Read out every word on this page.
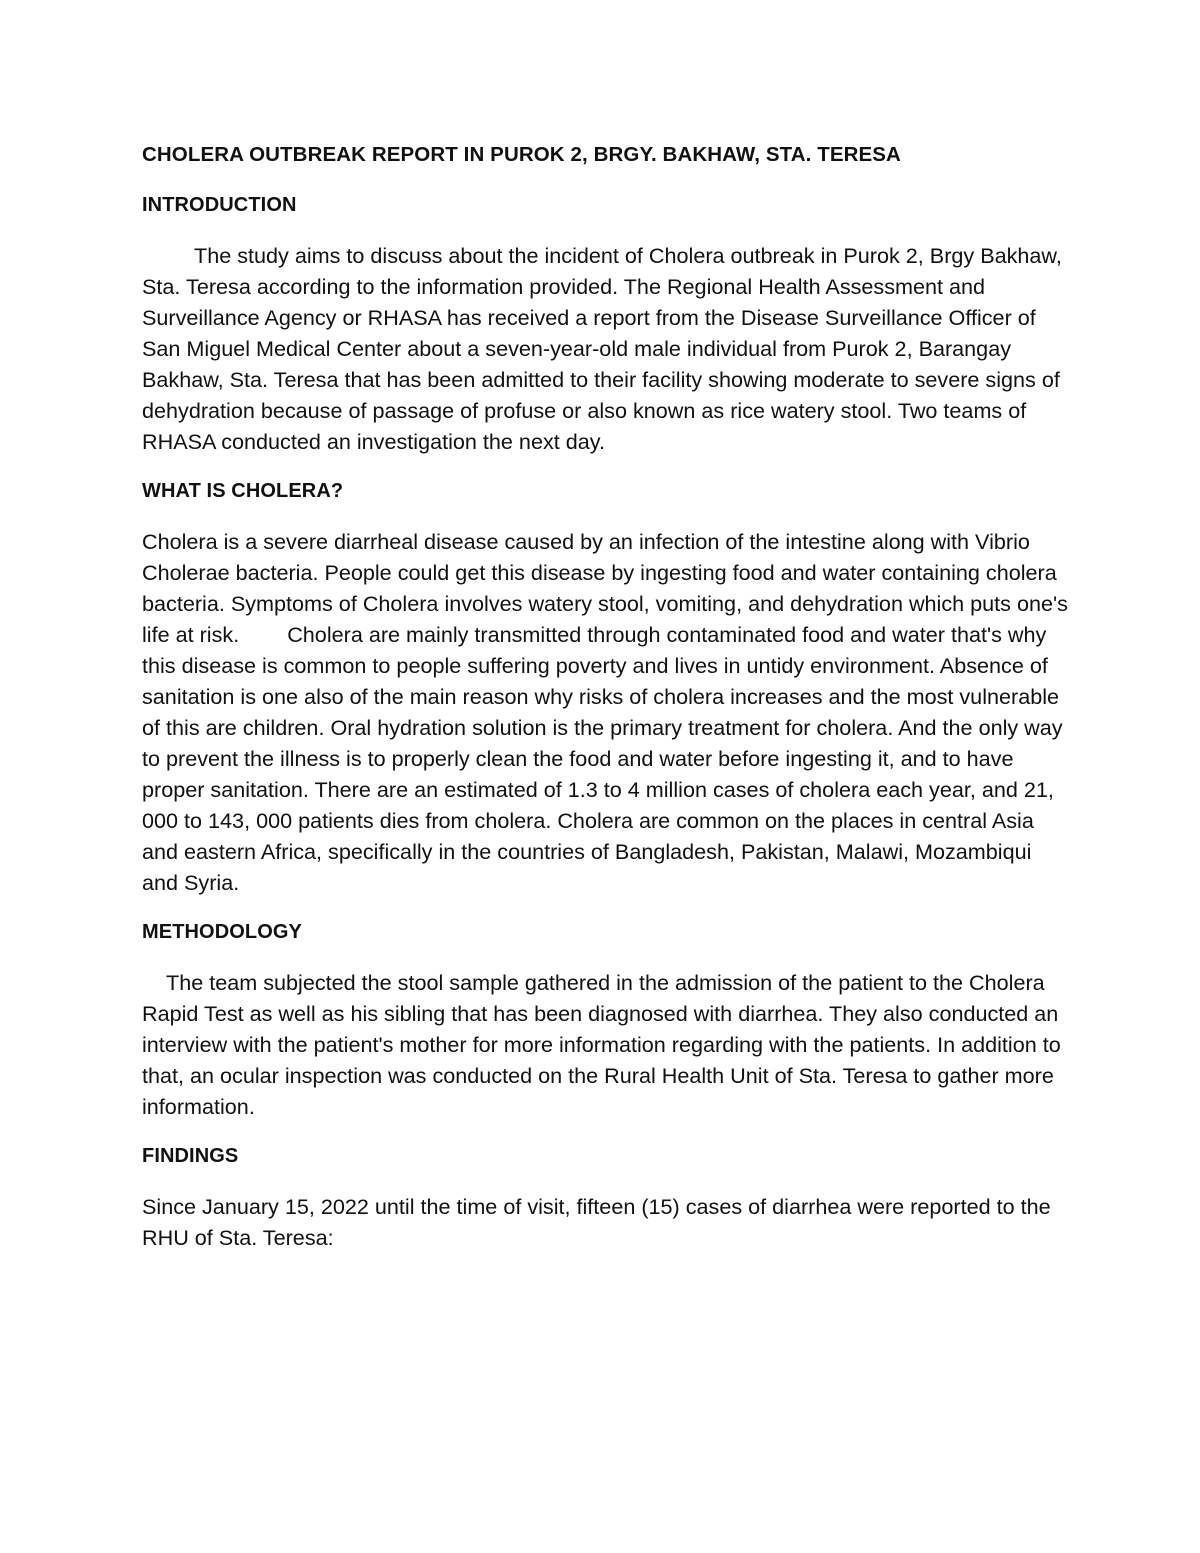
CHOLERA OUTBREAK REPORT IN PUROK 2, BRGY. BAKHAW, STA. TERESA
INTRODUCTION

The study aims to discuss about the incident of Cholera outbreak in Purok 2, Brgy Bakhaw, Sta. Teresa according to the information provided. The Regional Health Assessment and Surveillance Agency or RHASA has received a report from the Disease Surveillance Officer of San Miguel Medical Center about a seven-year-old male individual from Purok 2, Barangay Bakhaw, Sta. Teresa that has been admitted to their facility showing moderate to severe signs of dehydration because of passage of profuse or also known as rice watery stool. Two teams of RHASA conducted an investigation the next day.

WHAT IS CHOLERA?

Cholera is a severe diarrheal disease caused by an infection of the intestine along with Vibrio Cholerae bacteria. People could get this disease by ingesting food and water containing cholera bacteria. Symptoms of Cholera involves watery stool, vomiting, and dehydration which puts one's life at risk. Cholera are mainly transmitted through contaminated food and water that's why this disease is common to people suffering poverty and lives in untidy environment. Absence of sanitation is one also of the main reason why risks of cholera increases and the most vulnerable of this are children. Oral hydration solution is the primary treatment for cholera. And the only way to prevent the illness is to properly clean the food and water before ingesting it, and to have proper sanitation. There are an estimated of 1.3 to 4 million cases of cholera each year, and 21, 000 to 143, 000 patients dies from cholera. Cholera are common on the places in central Asia and eastern Africa, specifically in the countries of Bangladesh, Pakistan, Malawi, Mozambiqui and Syria.

METHODOLOGY

The team subjected the stool sample gathered in the admission of the patient to the Cholera Rapid Test as well as his sibling that has been diagnosed with diarrhea. They also conducted an interview with the patient's mother for more information regarding with the patients. In addition to that, an ocular inspection was conducted on the Rural Health Unit of Sta. Teresa to gather more information.

FINDINGS

Since January 15, 2022 until the time of visit, fifteen (15) cases of diarrhea were reported to the RHU of Sta. Teresa:
